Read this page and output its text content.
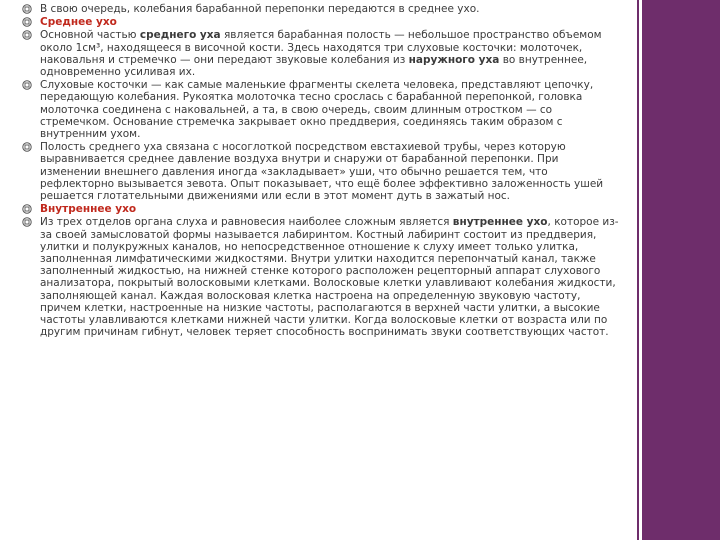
В свою очередь, колебания барабанной перепонки передаются в среднее ухо.
Среднее ухо
Основной частью среднего уха является барабанная полость — небольшое пространство объемом около 1см³, находящееся в височной кости. Здесь находятся три слуховые косточки: молоточек, наковальня и стремечко — они передают звуковые колебания из наружного уха во внутреннее, одновременно усиливая их.
Слуховые косточки — как самые маленькие фрагменты скелета человека, представляют цепочку, передающую колебания. Рукоятка молоточка тесно срослась с барабанной перепонкой, головка молоточка соединена с наковальней, а та, в свою очередь, своим длинным отростком — со стремечком. Основание стремечка закрывает окно преддверия, соединяясь таким образом с внутренним ухом.
Полость среднего уха связана с носоглоткой посредством евстахиевой трубы, через которую выравнивается среднее давление воздуха внутри и снаружи от барабанной перепонки. При изменении внешнего давления иногда «закладывает» уши, что обычно решается тем, что рефлекторно вызывается зевота. Опыт показывает, что ещё более эффективно заложенность ушей решается глотательными движениями или если в этот момент дуть в зажатый нос.
Внутреннее ухо
Из трех отделов органа слуха и равновесия наиболее сложным является внутреннее ухо, которое из-за своей замысловатой формы называется лабиринтом. Костный лабиринт состоит из преддверия, улитки и полукружных каналов, но непосредственное отношение к слуху имеет только улитка, заполненная лимфатическими жидкостями. Внутри улитки находится перепончатый канал, также заполненный жидкостью, на нижней стенке которого расположен рецепторный аппарат слухового анализатора, покрытый волосковыми клетками. Волосковые клетки улавливают колебания жидкости, заполняющей канал. Каждая волосковая клетка настроена на определенную звуковую частоту, причем клетки, настроенные на низкие частоты, располагаются в верхней части улитки, а высокие частоты улавливаются клетками нижней части улитки. Когда волосковые клетки от возраста или по другим причинам гибнут, человек теряет способность воспринимать звуки соответствующих частот.
